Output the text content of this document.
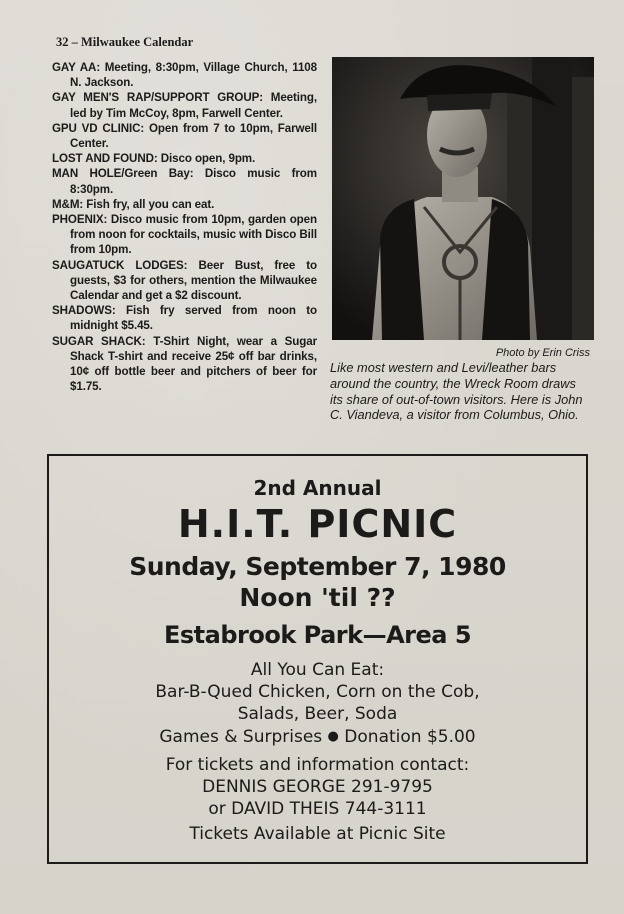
32 – Milwaukee Calendar

GAY AA: Meeting, 8:30pm, Village Church, 1108 N. Jackson.

GAY MEN'S RAP/SUPPORT GROUP: Meeting, led by Tim McCoy, 8pm, Farwell Center.

GPU VD CLINIC: Open from 7 to 10pm, Farwell Center.

LOST AND FOUND: Disco open, 9pm.

MAN HOLE/Green Bay: Disco music from 8:30pm.

M&M: Fish fry, all you can eat.

PHOENIX: Disco music from 10pm, garden open from noon for cocktails, music with Disco Bill from 10pm.

SAUGATUCK LODGES: Beer Bust, free to guests, $3 for others, mention the Milwaukee Calendar and get a $2 discount.

SHADOWS: Fish fry served from noon to midnight $5.45.

SUGAR SHACK: T-Shirt Night, wear a Sugar Shack T-shirt and receive 25¢ off bar drinks, 10¢ off bottle beer and pitchers of beer for $1.75.

Photo by Erin Criss
Like most western and Levi/leather bars around the country, the Wreck Room draws its share of out-of-town visitors. Here is John C. Viandeva, a visitor from Columbus, Ohio.
2nd Annual
H.I.T. PICNIC
Sunday, September 7, 1980
Noon 'til ??
Estabrook Park—Area 5
All You Can Eat:
Bar-B-Qued Chicken, Corn on the Cob,
Salads, Beer, Soda
Games & Surprises ● Donation $5.00
For tickets and information contact:
DENNIS GEORGE 291-9795
or DAVID THEIS 744-3111
Tickets Available at Picnic Site
